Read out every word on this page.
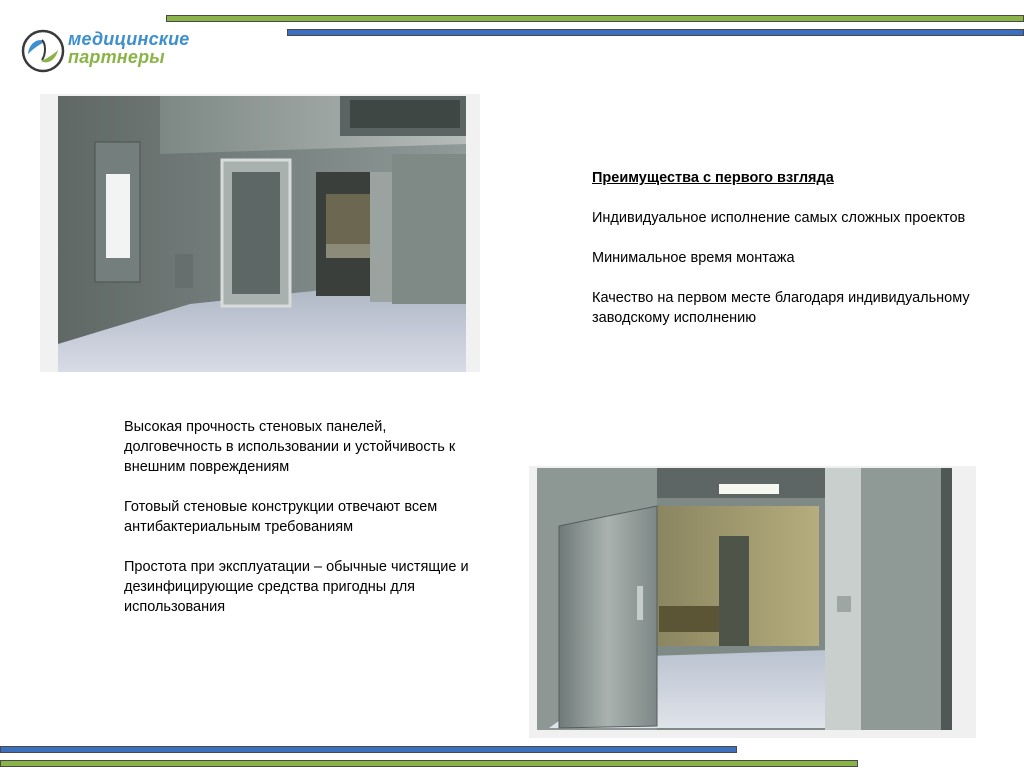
медицинские
партнеры

Преимущества с первого взгляда

Индивидуальное исполнение самых сложных проектов

Минимальное время монтажа

Качество на первом месте благодаря индивидуальному заводскому исполнению

Высокая прочность стеновых панелей, долговечность в использовании и устойчивость к внешним повреждениям

Готовый стеновые конструкции отвечают всем антибактериальным требованиям

Простота при эксплуатации – обычные чистящие и дезинфицирующие средства пригодны для использования
